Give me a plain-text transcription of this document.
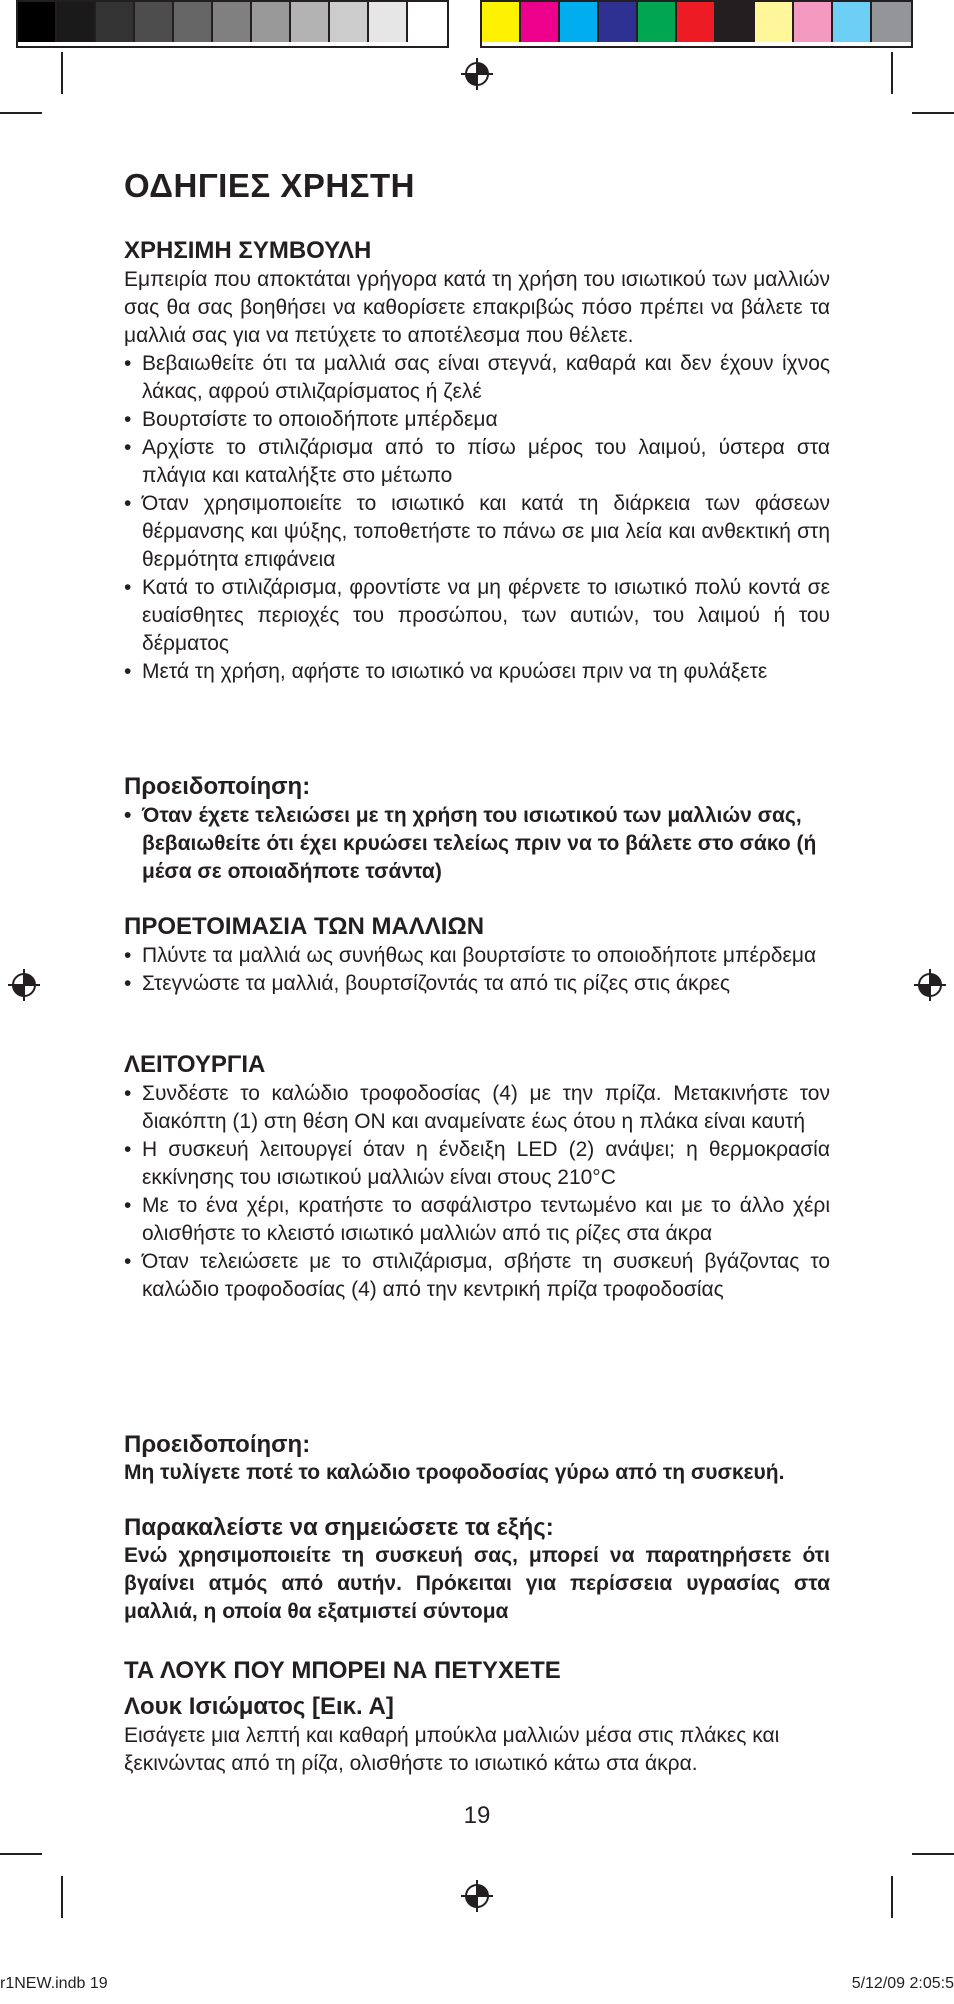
ΟΔΗΓΙΕΣ ΧΡΗΣΤΗ
ΧΡΗΣΙΜΗ ΣΥΜΒΟΥΛΗ

Εμπειρία που αποκτάται γρήγορα κατά τη χρήση του ισιωτικού των μαλλιών σας θα σας βοηθήσει να καθορίσετε επακριβώς πόσο πρέπει να βάλετε τα μαλλιά σας για να πετύχετε το αποτέλεσμα που θέλετε.

• Βεβαιωθείτε ότι τα μαλλιά σας είναι στεγνά, καθαρά και δεν έχουν ίχνος λάκας, αφρού στιλιζαρίσματος ή ζελέ
• Βουρτσίστε το οποιοδήποτε μπέρδεμα
• Αρχίστε το στιλιζάρισμα από το πίσω μέρος του λαιμού, ύστερα στα πλάγια και καταλήξτε στο μέτωπο
• Όταν χρησιμοποιείτε το ισιωτικό και κατά τη διάρκεια των φάσεων θέρμανσης και ψύξης, τοποθετήστε το πάνω σε μια λεία και ανθεκτική στη θερμότητα επιφάνεια
• Κατά το στιλιζάρισμα, φροντίστε να μη φέρνετε το ισιωτικό πολύ κοντά σε ευαίσθητες περιοχές του προσώπου, των αυτιών, του λαιμού ή του δέρματος
• Μετά τη χρήση, αφήστε το ισιωτικό να κρυώσει πριν να τη φυλάξετε
Προειδοποίηση:
• Όταν έχετε τελειώσει με τη χρήση του ισιωτικού των μαλλιών σας, βεβαιωθείτε ότι έχει κρυώσει τελείως πριν να το βάλετε στο σάκο (ή μέσα σε οποιαδήποτε τσάντα)
ΠΡΟΕΤΟΙΜΑΣΙΑ ΤΩΝ ΜΑΛΛΙΩΝ
• Πλύντε τα μαλλιά ως συνήθως και βουρτσίστε το οποιοδήποτε μπέρδεμα
• Στεγνώστε τα μαλλιά, βουρτσίζοντάς τα από τις ρίζες στις άκρες
ΛΕΙΤΟΥΡΓΙΑ
• Συνδέστε το καλώδιο τροφοδοσίας (4) με την πρίζα. Μετακινήστε τον διακόπτη (1) στη θέση ON και αναμείνατε έως ότου η πλάκα είναι καυτή
• Η συσκευή λειτουργεί όταν η ένδειξη LED (2) ανάψει; η θερμοκρασία εκκίνησης του ισιωτικού μαλλιών είναι στους 210°C
• Με το ένα χέρι, κρατήστε το ασφάλιστρο τεντωμένο και με το άλλο χέρι ολισθήστε το κλειστό ισιωτικό μαλλιών από τις ρίζες στα άκρα
• Όταν τελειώσετε με το στιλιζάρισμα, σβήστε τη συσκευή βγάζοντας το καλώδιο τροφοδοσίας (4) από την κεντρική πρίζα τροφοδοσίας
Προειδοποίηση:

Μη τυλίγετε ποτέ το καλώδιο τροφοδοσίας γύρω από τη συσκευή.

Παρακαλείστε να σημειώσετε τα εξής:

Ενώ χρησιμοποιείτε τη συσκευή σας, μπορεί να παρατηρήσετε ότι βγαίνει ατμός από αυτήν. Πρόκειται για περίσσεια υγρασίας στα μαλλιά, η οποία θα εξατμιστεί σύντομα

ΤΑ ΛΟΥΚ ΠΟΥ ΜΠΟΡΕΙ ΝΑ ΠΕΤΥΧΕΤΕ
Λουκ Ισιώματος [Εικ. Α]

Εισάγετε μια λεπτή και καθαρή μπούκλα μαλλιών μέσα στις πλάκες και ξεκινώντας από τη ρίζα, ολισθήστε το ισιωτικό κάτω στα άκρα.

19
r1NEW.indb 19	5/12/09 2:05:5
